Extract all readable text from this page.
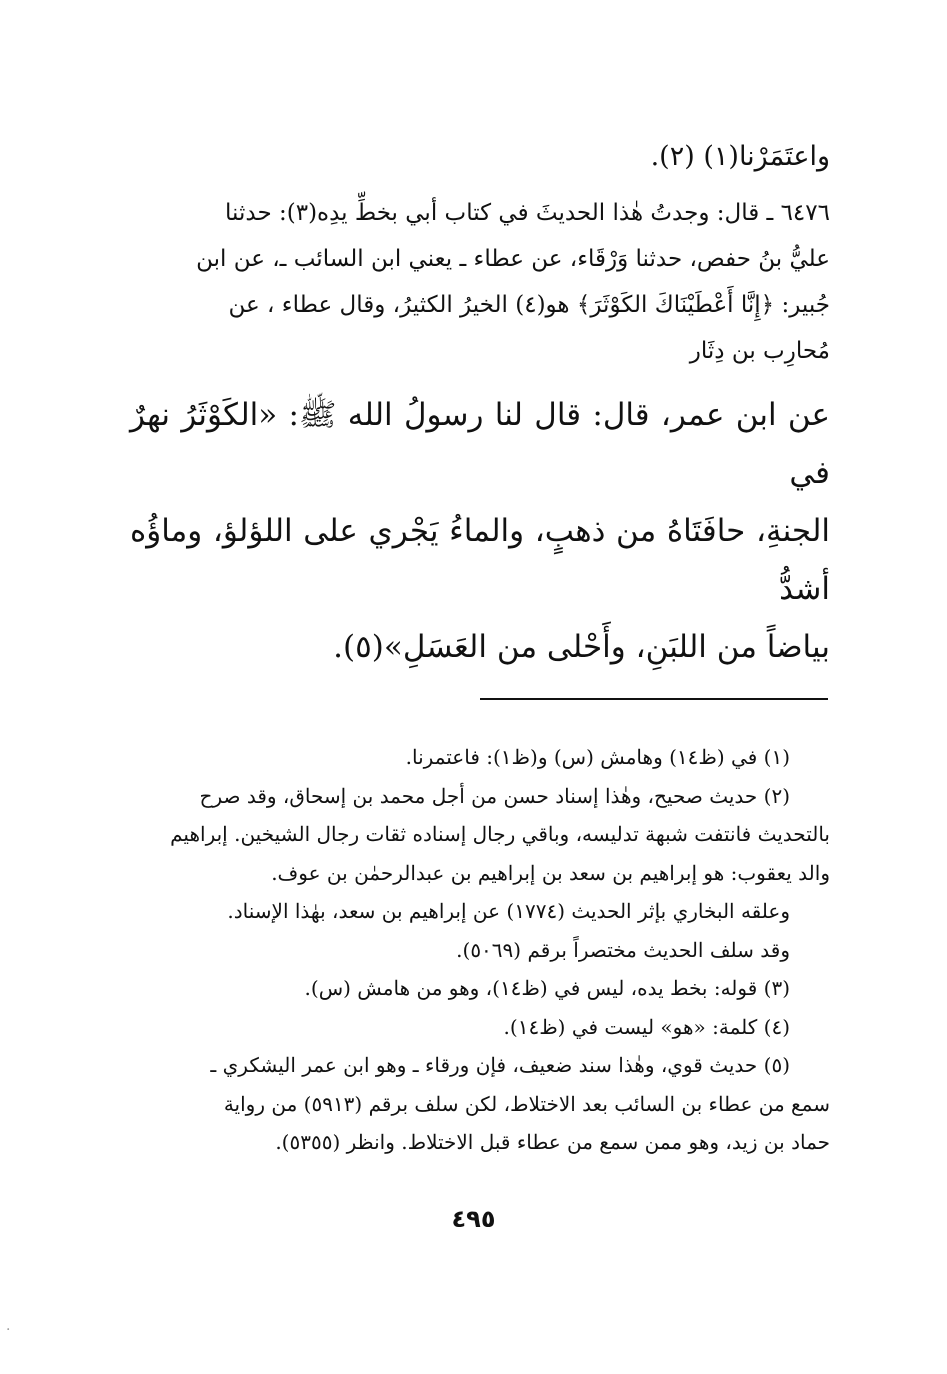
واعتَمَرْنا(١) (٢).
٦٤٧٦ ـ قال: وجدتُ هٰذا الحديثَ في كتاب أبي بخطِّ يدِه(٣): حدثنا
عليُّ بنُ حفص، حدثنا وَرْقَاء، عن عطاء ـ يعني ابن السائب ـ، عن ابن
جُبير: ﴿إِنَّا أَعْطَيْنَاكَ الكَوْثَرَ﴾ هو(٤) الخيرُ الكثيرُ، وقال عطاء ، عن
مُحارِب بن دِثَار
عن ابن عمر، قال: قال لنا رسولُ الله ﷺ: «الكَوْثَرُ نهرٌ في
الجنةِ، حافَتَاهُ من ذهبٍ، والماءُ يَجْري على اللؤلؤ، وماؤُه أشدُّ
بياضاً من اللبَنِ، وأَحْلى من العَسَلِ»(٥).
(١) في (ظ١٤) وهامش (س) و(ظ١): فاعتمرنا.
(٢) حديث صحيح، وهٰذا إسناد حسن من أجل محمد بن إسحاق، وقد صرح
بالتحديث فانتفت شبهة تدليسه، وباقي رجال إسناده ثقات رجال الشيخين. إبراهيم
والد يعقوب: هو إبراهيم بن سعد بن إبراهيم بن عبدالرحمٰن بن عوف.
وعلقه البخاري بإثر الحديث (١٧٧٤) عن إبراهيم بن سعد، بهٰذا الإسناد.
وقد سلف الحديث مختصراً برقم (٥٠٦٩).
(٣) قوله: بخط يده، ليس في (ظ١٤)، وهو من هامش (س).
(٤) كلمة: «هو» ليست في (ظ١٤).
(٥) حديث قوي، وهٰذا سند ضعيف، فإن ورقاء ـ وهو ابن عمر اليشكري ـ
سمع من عطاء بن السائب بعد الاختلاط، لكن سلف برقم (٥٩١٣) من رواية
حماد بن زيد، وهو ممن سمع من عطاء قبل الاختلاط. وانظر (٥٣٥٥).
٤٩٥
·
